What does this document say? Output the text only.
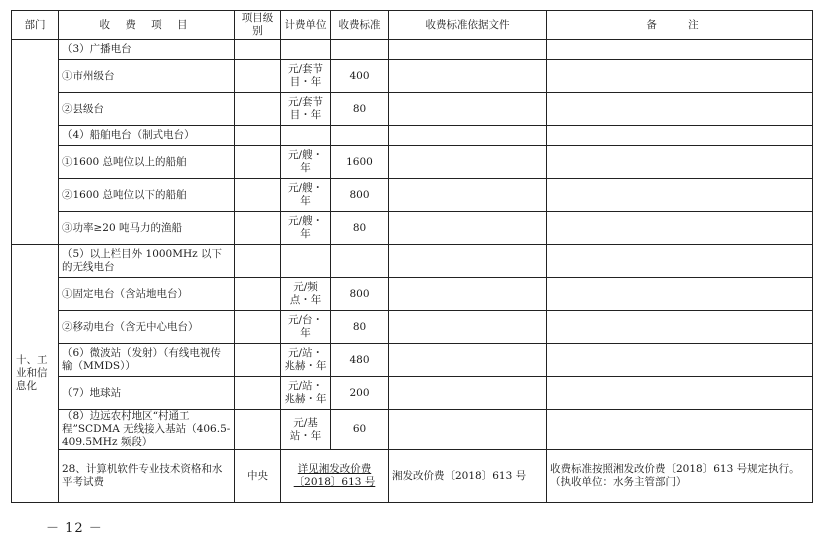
部门	收 费 项 目	项目级别	计费单位	收费标准	收费标准依据文件	备 注
	（3）广播电台					
	①市州级台		元/套节目・年	400		
	②县级台		元/套节目・年	80		
	（4）船舶电台（制式电台）					
	①1600 总吨位以上的船舶		元/艘・年	1600		
	②1600 总吨位以下的船舶		元/艘・年	800		
	③功率≥20 吨马力的渔船		元/艘・年	80		
十、工业和信息化	（5）以上栏目外 1000MHz 以下的无线电台					
	①固定电台（含站地电台）		元/频点・年	800		
	②移动电台（含无中心电台）		元/台・年	80		
	（6）微波站（发射）（有线电视传输（MMDS））		元/站・兆赫・年	480		
	（7）地球站		元/站・兆赫・年	200		
	（8）边远农村地区“村通工程”SCDMA 无线接入基站（406.5-409.5MHz 频段）		元/基站・年	60		
	28、计算机软件专业技术资格和水平考试费	中央	详见湘发改价费〔2018〕613 号		湘发改价费〔2018〕613 号	收费标准按照湘发改价费〔2018〕613 号规定执行。（执收单位：水务主管部门）
－ 12 －
